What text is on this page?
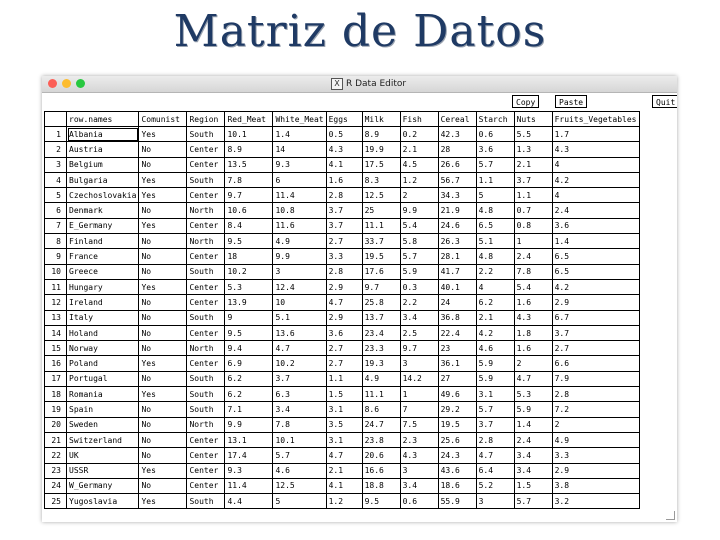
Matriz de Datos
X R Data Editor
Copy	Paste	Quit
	row.names	Comunist	Region	Red_Meat	White_Meat	Eggs	Milk	Fish	Cereal	Starch	Nuts	Fruits_Vegetables
1	Albania	Yes	South	10.1	1.4	0.5	8.9	0.2	42.3	0.6	5.5	1.7
2	Austria	No	Center	8.9	14	4.3	19.9	2.1	28	3.6	1.3	4.3
3	Belgium	No	Center	13.5	9.3	4.1	17.5	4.5	26.6	5.7	2.1	4
4	Bulgaria	Yes	South	7.8	6	1.6	8.3	1.2	56.7	1.1	3.7	4.2
5	Czechoslovakia	Yes	Center	9.7	11.4	2.8	12.5	2	34.3	5	1.1	4
6	Denmark	No	North	10.6	10.8	3.7	25	9.9	21.9	4.8	0.7	2.4
7	E_Germany	Yes	Center	8.4	11.6	3.7	11.1	5.4	24.6	6.5	0.8	3.6
8	Finland	No	North	9.5	4.9	2.7	33.7	5.8	26.3	5.1	1	1.4
9	France	No	Center	18	9.9	3.3	19.5	5.7	28.1	4.8	2.4	6.5
10	Greece	No	South	10.2	3	2.8	17.6	5.9	41.7	2.2	7.8	6.5
11	Hungary	Yes	Center	5.3	12.4	2.9	9.7	0.3	40.1	4	5.4	4.2
12	Ireland	No	Center	13.9	10	4.7	25.8	2.2	24	6.2	1.6	2.9
13	Italy	No	South	9	5.1	2.9	13.7	3.4	36.8	2.1	4.3	6.7
14	Holand	No	Center	9.5	13.6	3.6	23.4	2.5	22.4	4.2	1.8	3.7
15	Norway	No	North	9.4	4.7	2.7	23.3	9.7	23	4.6	1.6	2.7
16	Poland	Yes	Center	6.9	10.2	2.7	19.3	3	36.1	5.9	2	6.6
17	Portugal	No	South	6.2	3.7	1.1	4.9	14.2	27	5.9	4.7	7.9
18	Romania	Yes	South	6.2	6.3	1.5	11.1	1	49.6	3.1	5.3	2.8
19	Spain	No	South	7.1	3.4	3.1	8.6	7	29.2	5.7	5.9	7.2
20	Sweden	No	North	9.9	7.8	3.5	24.7	7.5	19.5	3.7	1.4	2
21	Switzerland	No	Center	13.1	10.1	3.1	23.8	2.3	25.6	2.8	2.4	4.9
22	UK	No	Center	17.4	5.7	4.7	20.6	4.3	24.3	4.7	3.4	3.3
23	USSR	Yes	Center	9.3	4.6	2.1	16.6	3	43.6	6.4	3.4	2.9
24	W_Germany	No	Center	11.4	12.5	4.1	18.8	3.4	18.6	5.2	1.5	3.8
25	Yugoslavia	Yes	South	4.4	5	1.2	9.5	0.6	55.9	3	5.7	3.2
